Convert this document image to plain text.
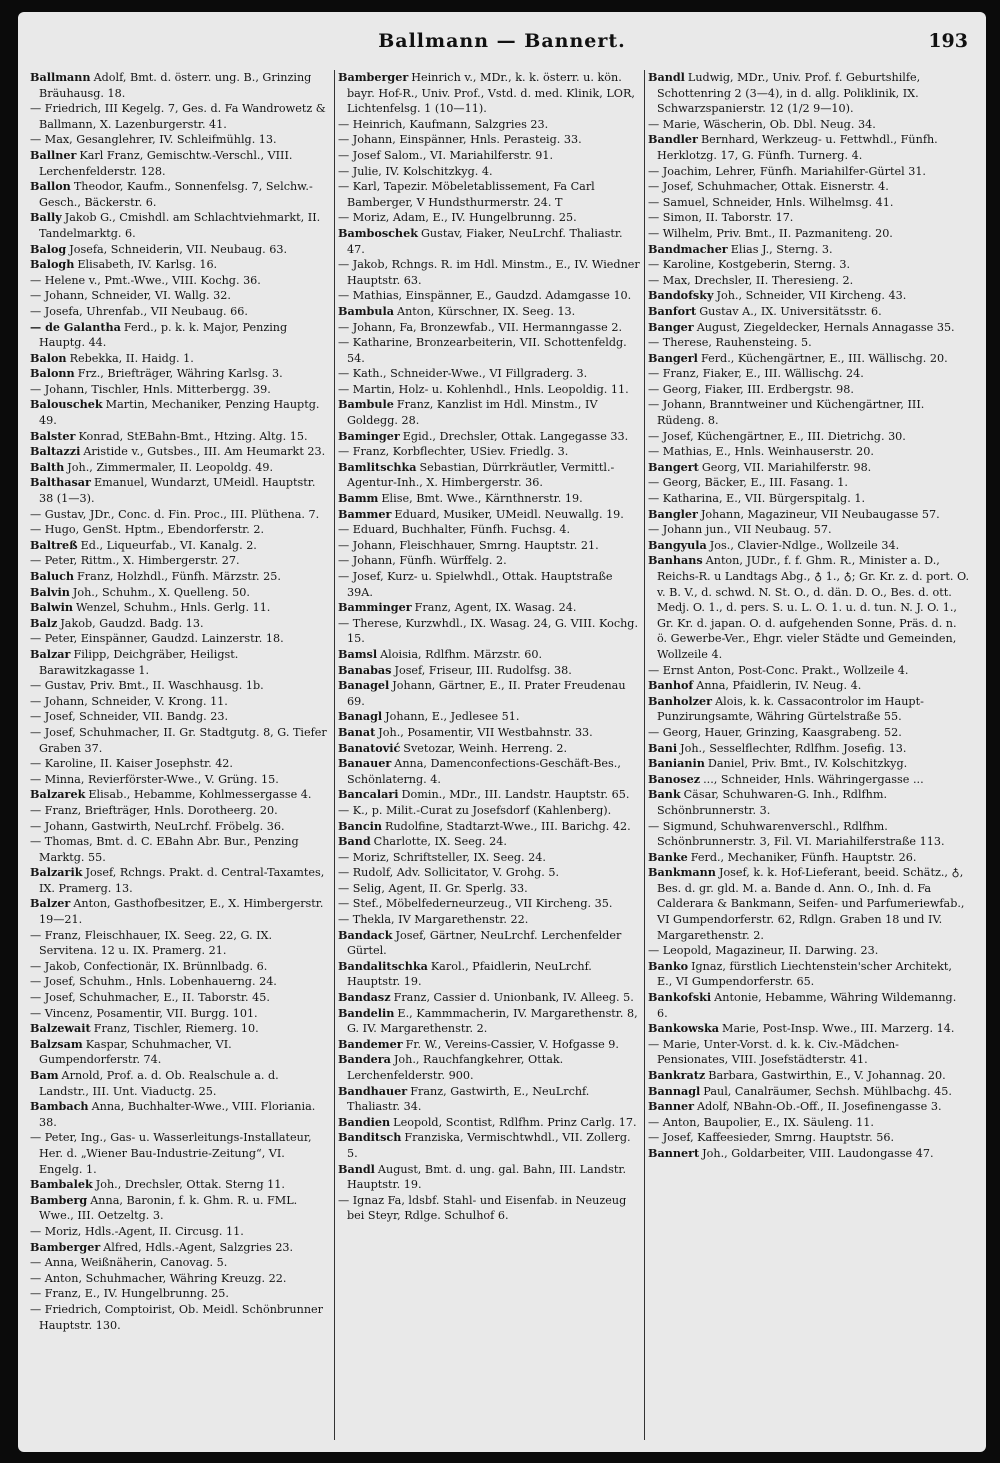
Ballmann — Bannert.	193

Ballmann Adolf, Bmt. d. österr. ung. B., Grinzing Bräuhausg. 18.

— Friedrich, III Kegelg. 7, Ges. d. Fa Wandrowetz & Ballmann, X. Lazenburgerstr. 41.

— Max, Gesanglehrer, IV. Schleifmühlg. 13.

Ballner Karl Franz, Gemischtw.-Verschl., VIII. Lerchenfelderstr. 128.

Ballon Theodor, Kaufm., Sonnenfelsg. 7, Selchw.-Gesch., Bäckerstr. 6.

Bally Jakob G., Cmishdl. am Schlachtviehmarkt, II. Tandelmarktg. 6.

Balog Josefa, Schneiderin, VII. Neubaug. 63.

Balogh Elisabeth, IV. Karlsg. 16.

— Helene v., Pmt.-Wwe., VIII. Kochg. 36.

— Johann, Schneider, VI. Wallg. 32.

— Josefa, Uhrenfab., VII Neubaug. 66.

— de Galantha Ferd., p. k. k. Major, Penzing Hauptg. 44.

Balon Rebekka, II. Haidg. 1.

Balonn Frz., Briefträger, Währing Karlsg. 3.

— Johann, Tischler, Hnls. Mitterbergg. 39.

Balouschek Martin, Mechaniker, Penzing Hauptg. 49.

Balster Konrad, StEBahn-Bmt., Htzing. Altg. 15.

Baltazzi Aristide v., Gutsbes., III. Am Heumarkt 23.

Balth Joh., Zimmermaler, II. Leopoldg. 49.

Balthasar Emanuel, Wundarzt, UMeidl. Hauptstr. 38 (1—3).

— Gustav, JDr., Conc. d. Fin. Proc., III. Plüthena. 7.

— Hugo, GenSt. Hptm., Ebendorferstr. 2.

Baltreß Ed., Liqueurfab., VI. Kanalg. 2.

— Peter, Rittm., X. Himbergerstr. 27.

Baluch Franz, Holzhdl., Fünfh. Märzstr. 25.

Balvin Joh., Schuhm., X. Quelleng. 50.

Balwin Wenzel, Schuhm., Hnls. Gerlg. 11.

Balz Jakob, Gaudzd. Badg. 13.

— Peter, Einspänner, Gaudzd. Lainzerstr. 18.

Balzar Filipp, Deichgräber, Heiligst. Barawitzkagasse 1.

— Gustav, Priv. Bmt., II. Waschhausg. 1b.

— Johann, Schneider, V. Krong. 11.

— Josef, Schneider, VII. Bandg. 23.

— Josef, Schuhmacher, II. Gr. Stadtgutg. 8, G. Tiefer Graben 37.

— Karoline, II. Kaiser Josephstr. 42.

— Minna, Revierförster-Wwe., V. Grüng. 15.

Balzarek Elisab., Hebamme, Kohlmessergasse 4.

— Franz, Briefträger, Hnls. Dorotheerg. 20.

— Johann, Gastwirth, NeuLrchf. Fröbelg. 36.

— Thomas, Bmt. d. C. EBahn Abr. Bur., Penzing Marktg. 55.

Balzarik Josef, Rchngs. Prakt. d. Central-Taxamtes, IX. Pramerg. 13.

Balzer Anton, Gasthofbesitzer, E., X. Himbergerstr. 19—21.

— Franz, Fleischhauer, IX. Seeg. 22, G. IX. Servitena. 12 u. IX. Pramerg. 21.

— Jakob, Confectionär, IX. Brünnlbadg. 6.

— Josef, Schuhm., Hnls. Lobenhauerng. 24.

— Josef, Schuhmacher, E., II. Taborstr. 45.

— Vincenz, Posamentir, VII. Burgg. 101.

Balzewait Franz, Tischler, Riemerg. 10.

Balzsam Kaspar, Schuhmacher, VI. Gumpendorferstr. 74.

Bam Arnold, Prof. a. d. Ob. Realschule a. d. Landstr., III. Unt. Viaductg. 25.

Bambach Anna, Buchhalter-Wwe., VIII. Floriania. 38.

— Peter, Ing., Gas- u. Wasserleitungs-Installateur, Her. d. „Wiener Bau-Industrie-Zeitung“, VI. Engelg. 1.

Bambalek Joh., Drechsler, Ottak. Sterng 11.

Bamberg Anna, Baronin, f. k. Ghm. R. u. FML. Wwe., III. Oetzeltg. 3.

— Moriz, Hdls.-Agent, II. Circusg. 11.

Bamberger Alfred, Hdls.-Agent, Salzgries 23.

— Anna, Weißnäherin, Canovag. 5.

— Anton, Schuhmacher, Währing Kreuzg. 22.

— Franz, E., IV. Hungelbrunng. 25.

— Friedrich, Comptoirist, Ob. Meidl. Schönbrunner Hauptstr. 130.

Bamberger Heinrich v., MDr., k. k. österr. u. kön. bayr. Hof-R., Univ. Prof., Vstd. d. med. Klinik, LOR, Lichtenfelsg. 1 (10—11).

— Heinrich, Kaufmann, Salzgries 23.

— Johann, Einspänner, Hnls. Perasteig. 33.

— Josef Salom., VI. Mariahilferstr. 91.

— Julie, IV. Kolschitzkyg. 4.

— Karl, Tapezir. Möbeletablissement, Fa Carl Bamberger, V Hundsthurmerstr. 24. T

— Moriz, Adam, E., IV. Hungelbrunng. 25.

Bamboschek Gustav, Fiaker, NeuLrchf. Thaliastr. 47.

— Jakob, Rchngs. R. im Hdl. Minstm., E., IV. Wiedner Hauptstr. 63.

— Mathias, Einspänner, E., Gaudzd. Adamgasse 10.

Bambula Anton, Kürschner, IX. Seeg. 13.

— Johann, Fa, Bronzewfab., VII. Hermanngasse 2.

— Katharine, Bronzearbeiterin, VII. Schottenfeldg. 54.

— Kath., Schneider-Wwe., VI Fillgraderg. 3.

— Martin, Holz- u. Kohlenhdl., Hnls. Leopoldig. 11.

Bambule Franz, Kanzlist im Hdl. Minstm., IV Goldegg. 28.

Baminger Egid., Drechsler, Ottak. Langegasse 33.

— Franz, Korbflechter, USiev. Friedlg. 3.

Bamlitschka Sebastian, Dürrkräutler, Vermittl.-Agentur-Inh., X. Himbergerstr. 36.

Bamm Elise, Bmt. Wwe., Kärnthnerstr. 19.

Bammer Eduard, Musiker, UMeidl. Neuwallg. 19.

— Eduard, Buchhalter, Fünfh. Fuchsg. 4.

— Johann, Fleischhauer, Smrng. Hauptstr. 21.

— Johann, Fünfh. Würffelg. 2.

— Josef, Kurz- u. Spielwhdl., Ottak. Hauptstraße 39A.

Bamminger Franz, Agent, IX. Wasag. 24.

— Therese, Kurzwhdl., IX. Wasag. 24, G. VIII. Kochg. 15.

Bamsl Aloisia, Rdlfhm. Märzstr. 60.

Banabas Josef, Friseur, III. Rudolfsg. 38.

Banagel Johann, Gärtner, E., II. Prater Freudenau 69.

Banagl Johann, E., Jedlesee 51.

Banat Joh., Posamentir, VII Westbahnstr. 33.

Banatović Svetozar, Weinh. Herreng. 2.

Banauer Anna, Damenconfections-Geschäft-Bes., Schönlaterng. 4.

Bancalari Domin., MDr., III. Landstr. Hauptstr. 65.

— K., p. Milit.-Curat zu Josefsdorf (Kahlenberg).

Bancin Rudolfine, Stadtarzt-Wwe., III. Barichg. 42.

Band Charlotte, IX. Seeg. 24.

— Moriz, Schriftsteller, IX. Seeg. 24.

— Rudolf, Adv. Sollicitator, V. Grohg. 5.

— Selig, Agent, II. Gr. Sperlg. 33.

— Stef., Möbelfederneurzeug., VII Kircheng. 35.

— Thekla, IV Margarethenstr. 22.

Bandack Josef, Gärtner, NeuLrchf. Lerchenfelder Gürtel.

Bandalitschka Karol., Pfaidlerin, NeuLrchf. Hauptstr. 19.

Bandasz Franz, Cassier d. Unionbank, IV. Alleeg. 5.

Bandelin E., Kammmacherin, IV. Margarethenstr. 8, G. IV. Margarethenstr. 2.

Bandemer Fr. W., Vereins-Cassier, V. Hofgasse 9.

Bandera Joh., Rauchfangkehrer, Ottak. Lerchenfelderstr. 900.

Bandhauer Franz, Gastwirth, E., NeuLrchf. Thaliastr. 34.

Bandien Leopold, Scontist, Rdlfhm. Prinz Carlg. 17.

Banditsch Franziska, Vermischtwhdl., VII. Zollerg. 5.

Bandl August, Bmt. d. ung. gal. Bahn, III. Landstr. Hauptstr. 19.

— Ignaz Fa, ldsbf. Stahl- und Eisenfab. in Neuzeug bei Steyr, Rdlge. Schulhof 6.

Bandl Ludwig, MDr., Univ. Prof. f. Geburtshilfe, Schottenring 2 (3—4), in d. allg. Poliklinik, IX. Schwarzspanierstr. 12 (1/2 9—10).

— Marie, Wäscherin, Ob. Dbl. Neug. 34.

Bandler Bernhard, Werkzeug- u. Fettwhdl., Fünfh. Herklotzg. 17, G. Fünfh. Turnerg. 4.

— Joachim, Lehrer, Fünfh. Mariahilfer-Gürtel 31.

— Josef, Schuhmacher, Ottak. Eisnerstr. 4.

— Samuel, Schneider, Hnls. Wilhelmsg. 41.

— Simon, II. Taborstr. 17.

— Wilhelm, Priv. Bmt., II. Pazmaniteng. 20.

Bandmacher Elias J., Sterng. 3.

— Karoline, Kostgeberin, Sterng. 3.

— Max, Drechsler, II. Theresieng. 2.

Bandofsky Joh., Schneider, VII Kircheng. 43.

Banfort Gustav A., IX. Universitätsstr. 6.

Banger August, Ziegeldecker, Hernals Annagasse 35.

— Therese, Rauhensteing. 5.

Bangerl Ferd., Küchengärtner, E., III. Wällischg. 20.

— Franz, Fiaker, E., III. Wällischg. 24.

— Georg, Fiaker, III. Erdbergstr. 98.

— Johann, Branntweiner und Küchengärtner, III. Rüdeng. 8.

— Josef, Küchengärtner, E., III. Dietrichg. 30.

— Mathias, E., Hnls. Weinhauserstr. 20.

Bangert Georg, VII. Mariahilferstr. 98.

— Georg, Bäcker, E., III. Fasang. 1.

— Katharina, E., VII. Bürgerspitalg. 1.

Bangler Johann, Magazineur, VII Neubaugasse 57.

— Johann jun., VII Neubaug. 57.

Bangyula Jos., Clavier-Ndlge., Wollzeile 34.

Banhans Anton, JUDr., f. f. Ghm. R., Minister a. D., Reichs-R. u Landtags Abg., ♁ 1., ♁; Gr. Kr. z. d. port. O. v. B. V., d. schwd. N. St. O., d. dän. D. O., Bes. d. ott. Medj. O. 1., d. pers. S. u. L. O. 1. u. d. tun. N. J. O. 1., Gr. Kr. d. japan. O. d. aufgehenden Sonne, Präs. d. n. ö. Gewerbe-Ver., Ehgr. vieler Städte und Gemeinden, Wollzeile 4.

— Ernst Anton, Post-Conc. Prakt., Wollzeile 4.

Banhof Anna, Pfaidlerin, IV. Neug. 4.

Banholzer Alois, k. k. Cassacontrolor im Haupt-Punzirungsamte, Währing Gürtelstraße 55.

— Georg, Hauer, Grinzing, Kaasgrabeng. 52.

Bani Joh., Sesselflechter, Rdlfhm. Josefig. 13.

Banianin Daniel, Priv. Bmt., IV. Kolschitzkyg.

Banosez ..., Schneider, Hnls. Währingergasse ...

Bank Cäsar, Schuhwaren-G. Inh., Rdlfhm. Schönbrunnerstr. 3.

— Sigmund, Schuhwarenverschl., Rdlfhm. Schönbrunnerstr. 3, Fil. VI. Mariahilferstraße 113.

Banke Ferd., Mechaniker, Fünfh. Hauptstr. 26.

Bankmann Josef, k. k. Hof-Lieferant, beeid. Schätz., ♁, Bes. d. gr. gld. M. a. Bande d. Ann. O., Inh. d. Fa Calderara & Bankmann, Seifen- und Parfumeriewfab., VI Gumpendorferstr. 62, Rdlgn. Graben 18 und IV. Margarethenstr. 2.

— Leopold, Magazineur, II. Darwing. 23.

Banko Ignaz, fürstlich Liechtenstein'scher Architekt, E., VI Gumpendorferstr. 65.

Bankofski Antonie, Hebamme, Währing Wildemanng. 6.

Bankowska Marie, Post-Insp. Wwe., III. Marzerg. 14.

— Marie, Unter-Vorst. d. k. k. Civ.-Mädchen-Pensionates, VIII. Josefstädterstr. 41.

Bankratz Barbara, Gastwirthin, E., V. Johannag. 20.

Bannagl Paul, Canalräumer, Sechsh. Mühlbachg. 45.

Banner Adolf, NBahn-Ob.-Off., II. Josefinengasse 3.

— Anton, Baupolier, E., IX. Säuleng. 11.

— Josef, Kaffeesieder, Smrng. Hauptstr. 56.

Bannert Joh., Goldarbeiter, VIII. Laudongasse 47.
